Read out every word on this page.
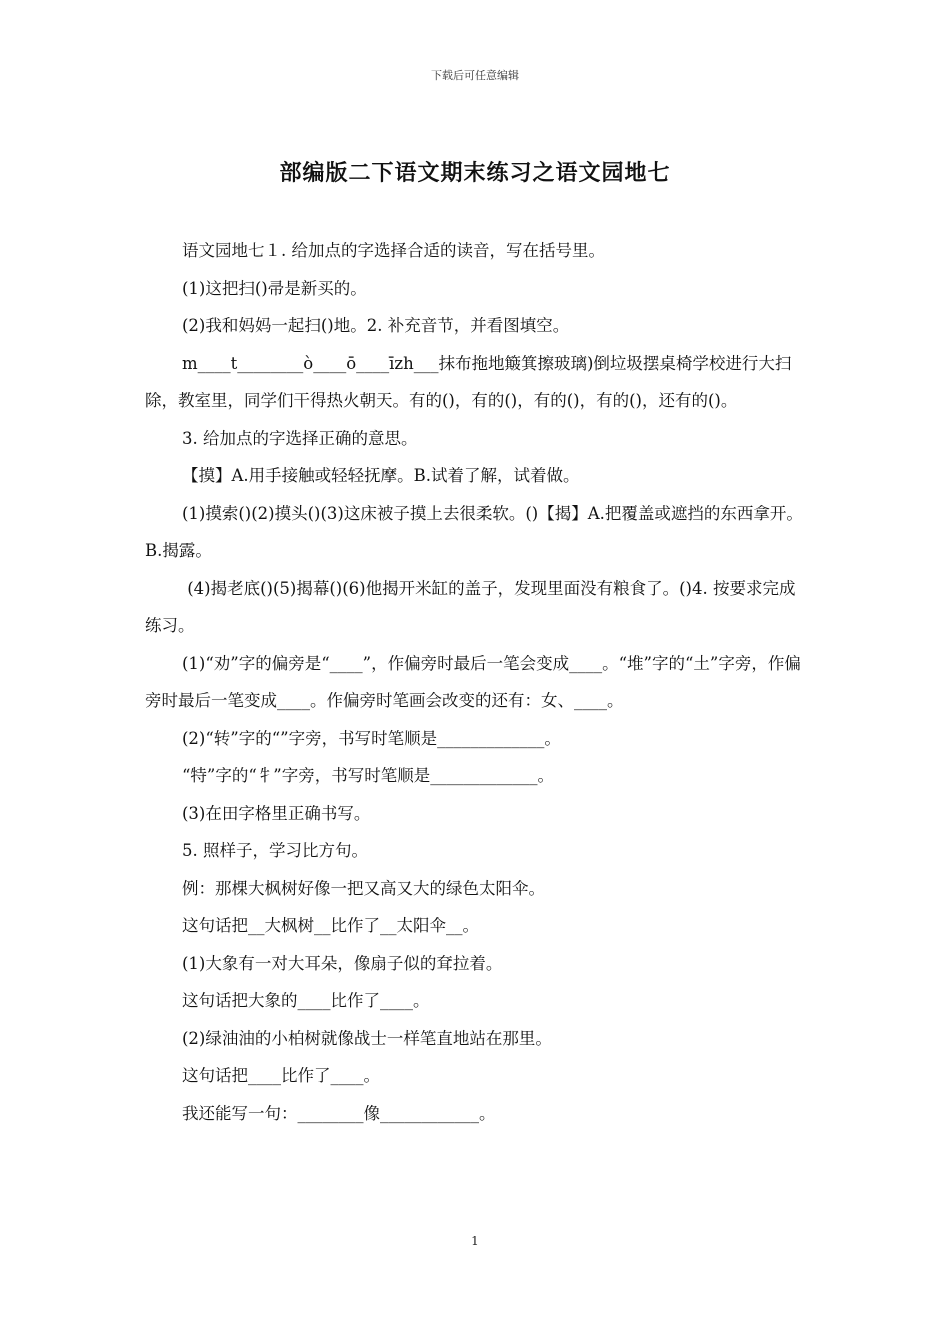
下载后可任意编辑
部编版二下语文期末练习之语文园地七

语文园地七１. 给加点的字选择合适的读音，写在括号里。

(1)这把扫()帚是新买的。

(2)我和妈妈一起扫()地。2. 补充音节，并看图填空。

m____t________ò____ō____īzh___抹布拖地簸箕擦玻璃)倒垃圾摆桌椅学校进行大扫除，教室里，同学们干得热火朝天。有的()，有的()，有的()，有的()，还有的()。

3. 给加点的字选择正确的意思。

【摸】A.用手接触或轻轻抚摩。B.试着了解，试着做。

(1)摸索()(2)摸头()(3)这床被子摸上去很柔软。()【揭】A.把覆盖或遮挡的东西拿开。B.揭露。

(4)揭老底()(5)揭幕()(6)他揭开米缸的盖子，发现里面没有粮食了。()4. 按要求完成练习。

(1)“劝”字的偏旁是“____”，作偏旁时最后一笔会变成____。“堆”字的“土”字旁，作偏旁时最后一笔变成____。作偏旁时笔画会改变的还有：女、____。

(2)“转”字的“”字旁，书写时笔顺是_____________。

“特”字的“牜”字旁，书写时笔顺是_____________。

(3)在田字格里正确书写。

5. 照样子，学习比方句。

例：那棵大枫树好像一把又高又大的绿色太阳伞。

这句话把__大枫树__比作了__太阳伞__。

(1)大象有一对大耳朵，像扇子似的耷拉着。

这句话把大象的____比作了____。

(2)绿油油的小柏树就像战士一样笔直地站在那里。

这句话把____比作了____。

我还能写一句：________像____________。

1
